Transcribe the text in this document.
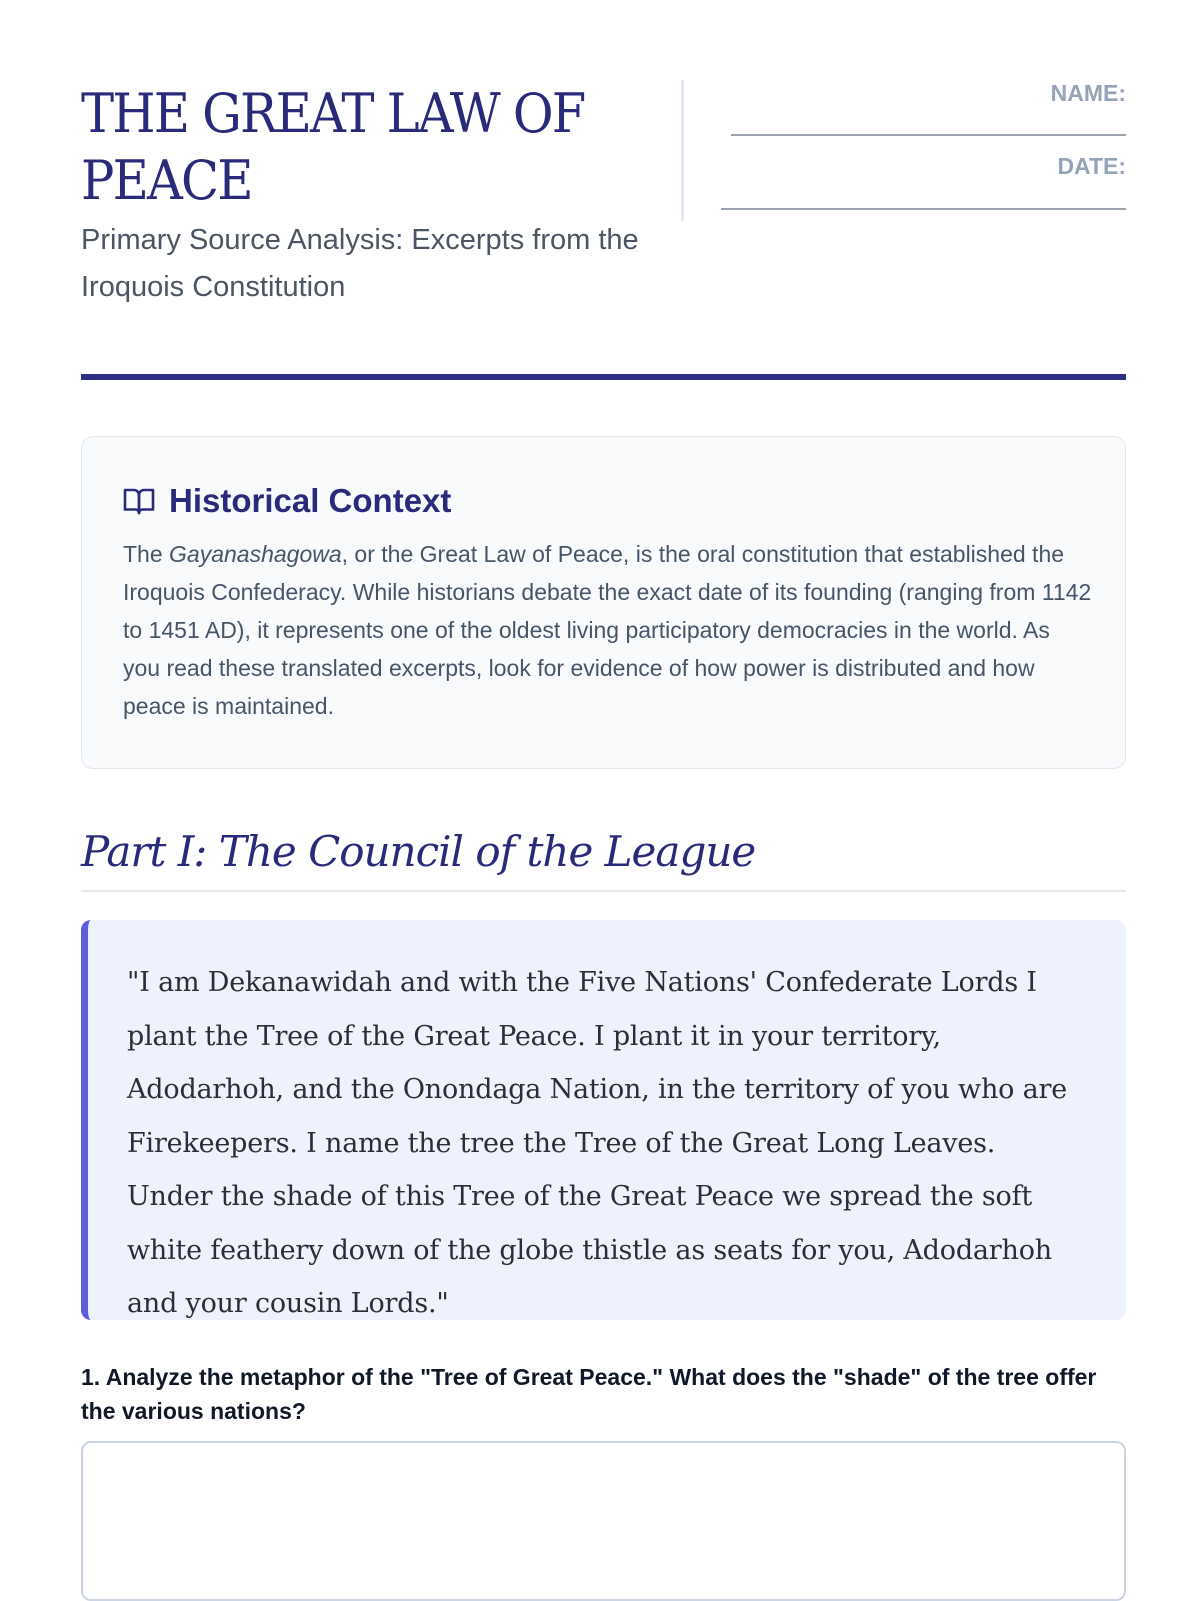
THE GREAT LAW OF
PEACE
Primary Source Analysis: Excerpts from the Iroquois Constitution
NAME:
DATE:
Historical Context
The Gayanashagowa, or the Great Law of Peace, is the oral constitution that established the Iroquois Confederacy. While historians debate the exact date of its founding (ranging from 1142 to 1451 AD), it represents one of the oldest living participatory democracies in the world. As you read these translated excerpts, look for evidence of how power is distributed and how peace is maintained.
Part I: The Council of the League
"I am Dekanawidah and with the Five Nations' Confederate Lords I plant the Tree of the Great Peace. I plant it in your territory, Adodarhoh, and the Onondaga Nation, in the territory of you who are Firekeepers. I name the tree the Tree of the Great Long Leaves. Under the shade of this Tree of the Great Peace we spread the soft white feathery down of the globe thistle as seats for you, Adodarhoh and your cousin Lords."
1. Analyze the metaphor of the "Tree of Great Peace." What does the "shade" of the tree offer the various nations?
